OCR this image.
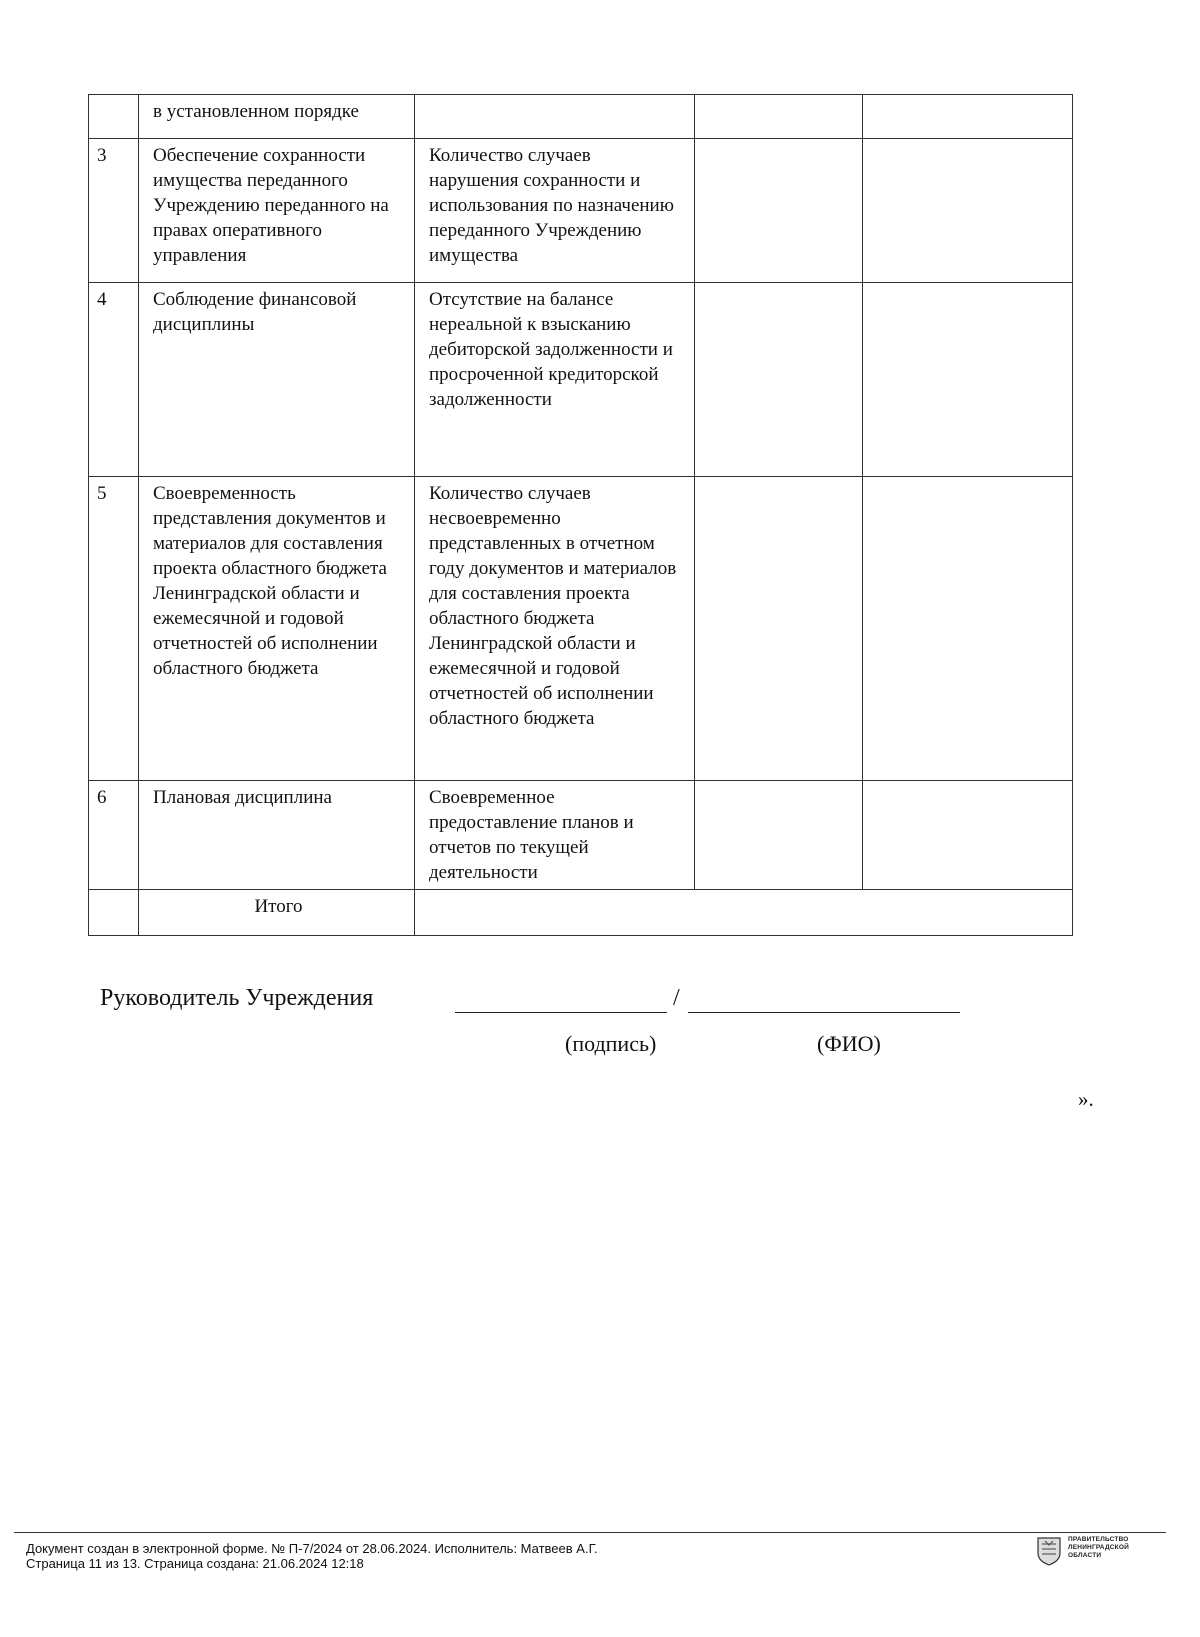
	в установленном порядке			
3	Обеспечение сохранности имущества переданного Учреждению переданного на правах оперативного управления	Количество случаев нарушения сохранности и использования по назначению переданного Учреждению имущества		
4	Соблюдение финансовой дисциплины	Отсутствие на балансе нереальной к взысканию дебиторской задолженности и просроченной кредиторской задолженности		
5	Своевременность представления документов и материалов для составления проекта областного бюджета Ленинградской области и ежемесячной и годовой отчетностей об исполнении областного бюджета	Количество случаев несвоевременно представленных в отчетном году документов и материалов для составления проекта областного бюджета Ленинградской области и ежемесячной и годовой отчетностей об исполнении областного бюджета		
6	Плановая дисциплина	Своевременное предоставление планов и отчетов по текущей деятельности		
	Итого			
Руководитель Учреждения	/
(подпись)	(ФИО)
».
Документ создан в электронной форме. № П-7/2024 от 28.06.2024. Исполнитель: Матвеев А.Г.
Страница 11 из 13. Страница создана: 21.06.2024 12:18
ПРАВИТЕЛЬСТВО
ЛЕНИНГРАДСКОЙ
ОБЛАСТИ
